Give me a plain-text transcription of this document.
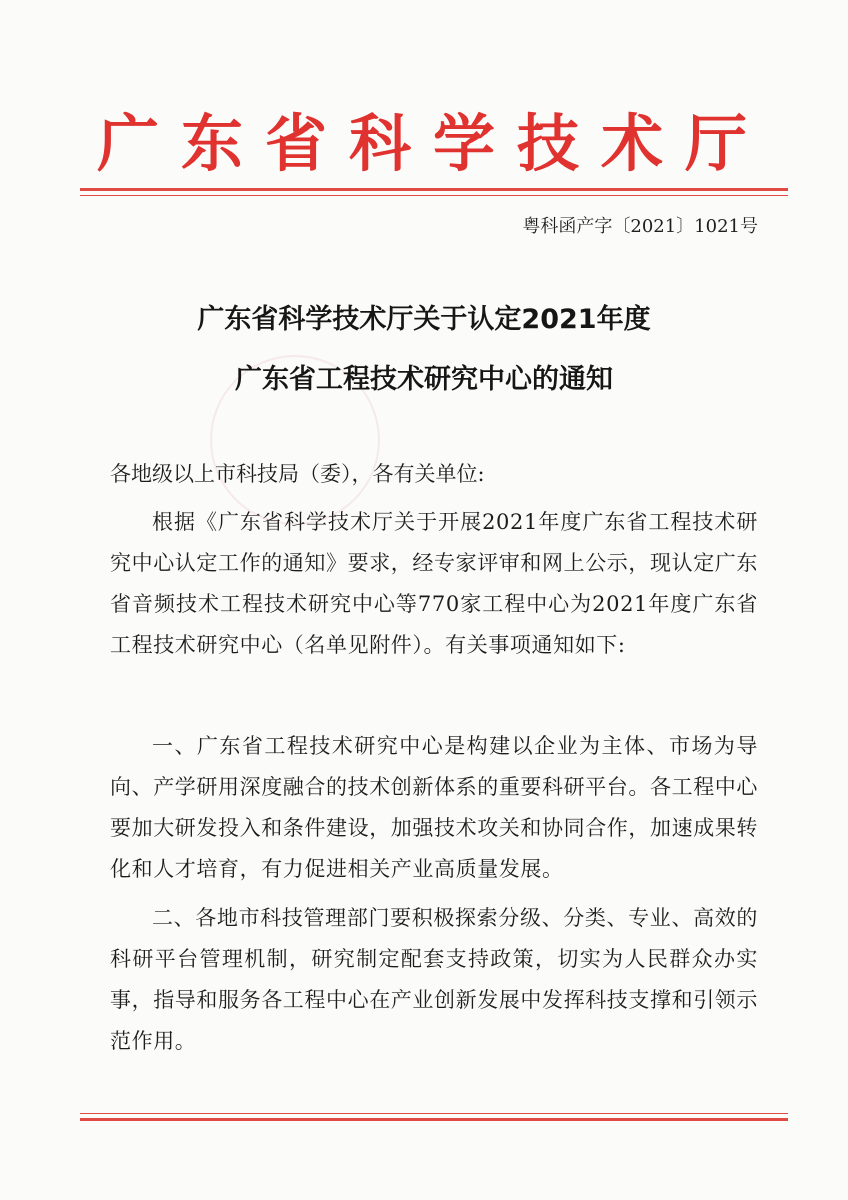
广东省科学技术厅
粤科函产字〔2021〕1021号
广东省科学技术厅关于认定2021年度
广东省工程技术研究中心的通知
各地级以上市科技局（委），各有关单位:

根据《广东省科学技术厅关于开展2021年度广东省工程技术研究中心认定工作的通知》要求，经专家评审和网上公示，现认定广东省音频技术工程技术研究中心等770家工程中心为2021年度广东省工程技术研究中心（名单见附件）。有关事项通知如下:

一、广东省工程技术研究中心是构建以企业为主体、市场为导向、产学研用深度融合的技术创新体系的重要科研平台。各工程中心要加大研发投入和条件建设，加强技术攻关和协同合作，加速成果转化和人才培育，有力促进相关产业高质量发展。

二、各地市科技管理部门要积极探索分级、分类、专业、高效的科研平台管理机制，研究制定配套支持政策，切实为人民群众办实事，指导和服务各工程中心在产业创新发展中发挥科技支撑和引领示范作用。
